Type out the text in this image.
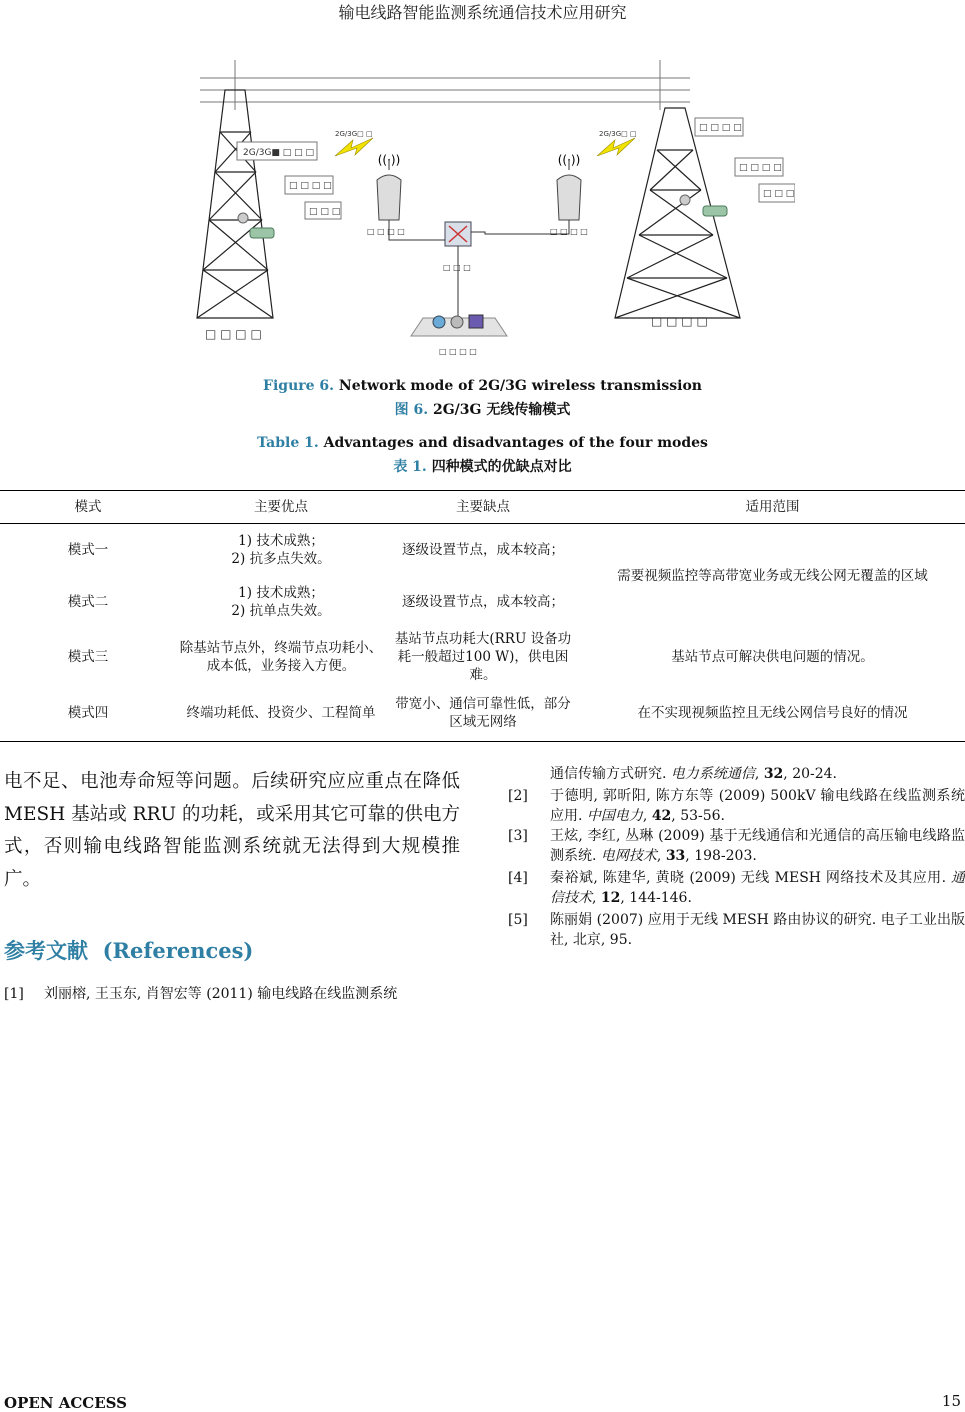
输电线路智能监测系统通信技术应用研究
((·))	((·))
2G/3G■ □ □ □
2G/3G□ □	2G/3G□ □
□ □ □ □
□ □ □
□ □ □ □	□ □ □ □
□ □ □
□ □ □ □
□ □ □ □
□ □ □ □
□ □ □ □
□ □ □ □
□ □ □
Figure 6. Network mode of 2G/3G wireless transmission
图 6. 2G/3G 无线传输模式
Table 1. Advantages and disadvantages of the four modes
表 1. 四种模式的优缺点对比
模式	主要优点	主要缺点	适用范围
模式一	1) 技术成熟；
2) 抗多点失效。	逐级设置节点，成本较高；	需要视频监控等高带宽业务或无线公网无覆盖的区域
模式二	1) 技术成熟；
2) 抗单点失效。	逐级设置节点，成本较高；	
模式三	除基站节点外，终端节点功耗小、成本低，业务接入方便。	基站节点功耗大(RRU 设备功耗一般超过100 W)，供电困难。	基站节点可解决供电问题的情况。
模式四	终端功耗低、投资少、工程简单	带宽小、通信可靠性低，部分区域无网络	在不实现视频监控且无线公网信号良好的情况
电不足、电池寿命短等问题。后续研究应应重点在降低 MESH 基站或 RRU 的功耗，或采用其它可靠的供电方式，否则输电线路智能监测系统就无法得到大规模推广。
参考文献 (References)
[1] 刘丽榕, 王玉东, 肖智宏等 (2011) 输电线路在线监测系统
通信传输方式研究. 电力系统通信, 32, 20-24.
[2] 于德明, 郭昕阳, 陈方东等 (2009) 500kV 输电线路在线监测系统应用. 中国电力, 42, 53-56.
[3] 王炫, 李红, 丛琳 (2009) 基于无线通信和光通信的高压输电线路监测系统. 电网技术, 33, 198-203.
[4] 秦裕斌, 陈建华, 黄晓 (2009) 无线 MESH 网络技术及其应用. 通信技术, 12, 144-146.
[5] 陈丽娟 (2007) 应用于无线 MESH 路由协议的研究. 电子工业出版社, 北京, 95.
OPEN ACCESS	15
